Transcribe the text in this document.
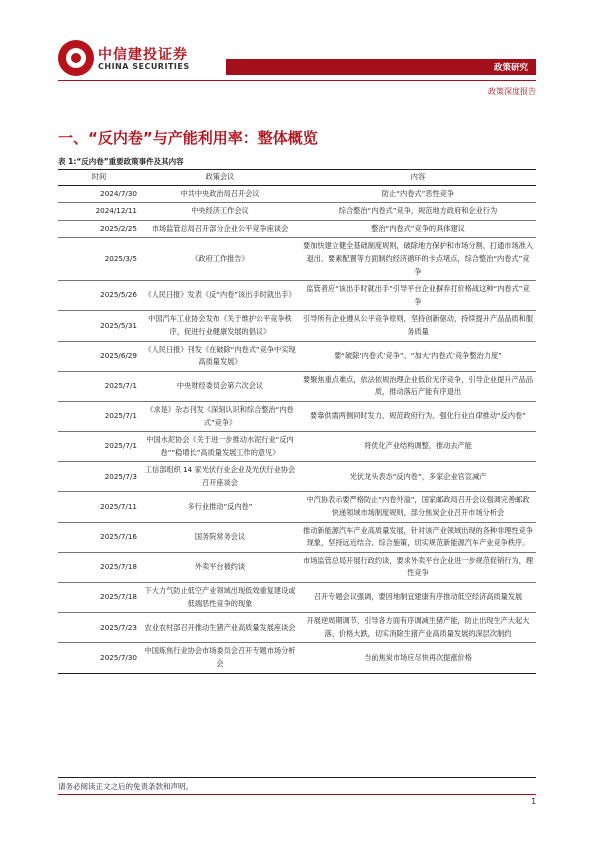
中信建投证券
CHINA SECURITIES	政策研究
政策深度报告
一、“反内卷”与产能利用率：整体概览
表 1:“反内卷”重要政策事件及其内容
时间	政策会议	内容
2024/7/30	中共中央政治局召开会议	防止“内卷式”恶性竞争
2024/12/11	中央经济工作会议	综合整治“内卷式”竞争，规范地方政府和企业行为
2025/2/25	市场监管总局召开部分企业公平竞争座谈会	整治“内卷式”竞争的具体建议
2025/3/5	《政府工作报告》	要加快建立健全基础制度规则，破除地方保护和市场分割，打通市场准入退出、要素配置等方面制约经济循环的卡点堵点，综合整治“内卷式”竞争
2025/5/26	《人民日报》发表《反“内卷”该出手时就出手》	监管者应“该出手时就出手”引导平台企业摒弃打价格战这种“内卷式”竞争
2025/5/31	中国汽车工业协会发布《关于维护公平竞争秩序，促进行业健康发展的倡议》	引导所有企业遵从公平竞争原则，坚持创新驱动，持续提升产品品质和服务质量
2025/6/29	《人民日报》刊发《在破除“内卷式”竞争中实现高质量发展》	要“破除‘内卷式’竞争”、“加大‘内卷式’竞争整治力度”
2025/7/1	中央财经委员会第六次会议	要聚焦重点难点，依法依规治理企业低价无序竞争，引导企业提升产品品质，推动落后产能有序退出
2025/7/1	《求是》杂志刊发《深刻认识和综合整治“内卷式”竞争》	要靠供需两侧同时发力、规范政府行为、强化行业自律推动“反内卷”
2025/7/1	中国水泥协会《关于进一步推动水泥行业“反内卷”“稳增长”高质量发展工作的意见》	将优化产业结构调整，推动去产能
2025/7/3	工信部组织 14 家光伏行业企业及光伏行业协会召开座谈会	光伏龙头表态“反内卷”，多家企业官宣减产
2025/7/11	多行业推动“反内卷”	中汽协表示要严格防止“内卷外溢”，国家邮政局召开会议强调完善邮政快递领域市场制度规则，部分焦炭企业召开市场分析会
2025/7/16	国务院常务会议	推动新能源汽车产业高质量发展，针对该产业领域出现的各种非理性竞争现象，坚持远近结合、综合施策，切实规范新能源汽车产业竞争秩序。
2025/7/18	外卖平台被约谈	市场监管总局开展行政约谈，要求外卖平台企业进一步规范促销行为，理性竞争
2025/7/18	下大力气防止低空产业领域出现低效重复建设或低端恶性竞争的现象	召开专题会议强调，要因地制宜建康有序推动低空经济高质量发展
2025/7/23	农业农村部召开推动生猪产业高质量发展座谈会	开展逆周期调节，引导各方面有序调减生猪产能，防止出现生产大起大落、价格大跌，切实消除生猪产业高质量发展的深层次制约
2025/7/30	中国炼焦行业协会市场委员会召开专题市场分析会	当前焦炭市场应尽快再次提涨价格
请务必阅读正文之后的免责条款和声明。
1
